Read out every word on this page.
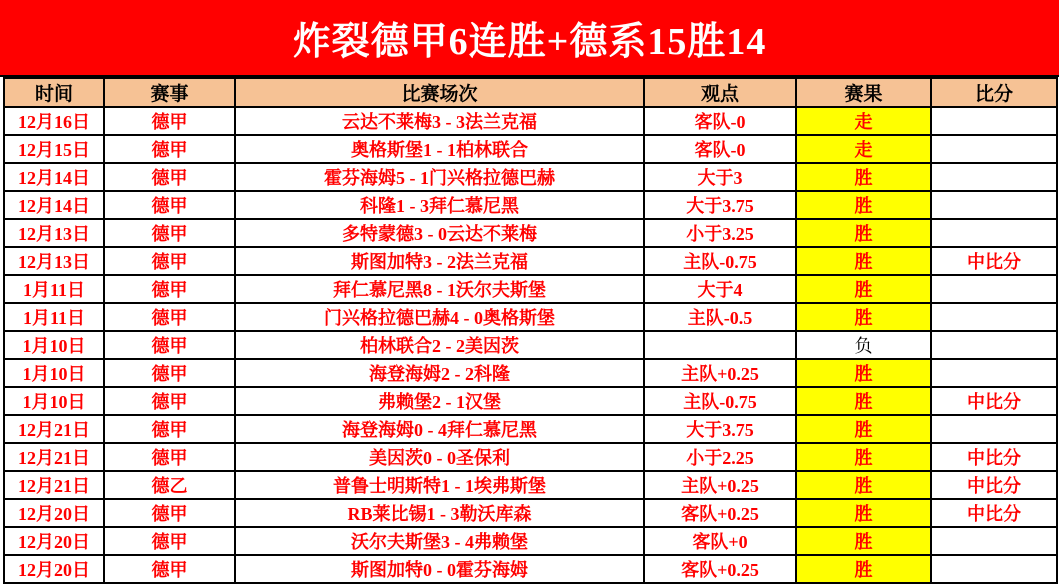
炸裂德甲6连胜+德系15胜14
时间	赛事	比赛场次	观点	赛果	比分
12月16日	德甲	云达不莱梅3 - 3法兰克福	客队-0	走	
12月15日	德甲	奥格斯堡1 - 1柏林联合	客队-0	走	
12月14日	德甲	霍芬海姆5 - 1门兴格拉德巴赫	大于3	胜	
12月14日	德甲	科隆1 - 3拜仁慕尼黑	大于3.75	胜	
12月13日	德甲	多特蒙德3 - 0云达不莱梅	小于3.25	胜	
12月13日	德甲	斯图加特3 - 2法兰克福	主队-0.75	胜	中比分
1月11日	德甲	拜仁慕尼黑8 - 1沃尔夫斯堡	大于4	胜	
1月11日	德甲	门兴格拉德巴赫4 - 0奥格斯堡	主队-0.5	胜	
1月10日	德甲	柏林联合2 - 2美因茨		负	
1月10日	德甲	海登海姆2 - 2科隆	主队+0.25	胜	
1月10日	德甲	弗赖堡2 - 1汉堡	主队-0.75	胜	中比分
12月21日	德甲	海登海姆0 - 4拜仁慕尼黑	大于3.75	胜	
12月21日	德甲	美因茨0 - 0圣保利	小于2.25	胜	中比分
12月21日	德乙	普鲁士明斯特1 - 1埃弗斯堡	主队+0.25	胜	中比分
12月20日	德甲	RB莱比锡1 - 3勒沃库森	客队+0.25	胜	中比分
12月20日	德甲	沃尔夫斯堡3 - 4弗赖堡	客队+0	胜	
12月20日	德甲	斯图加特0 - 0霍芬海姆	客队+0.25	胜	
